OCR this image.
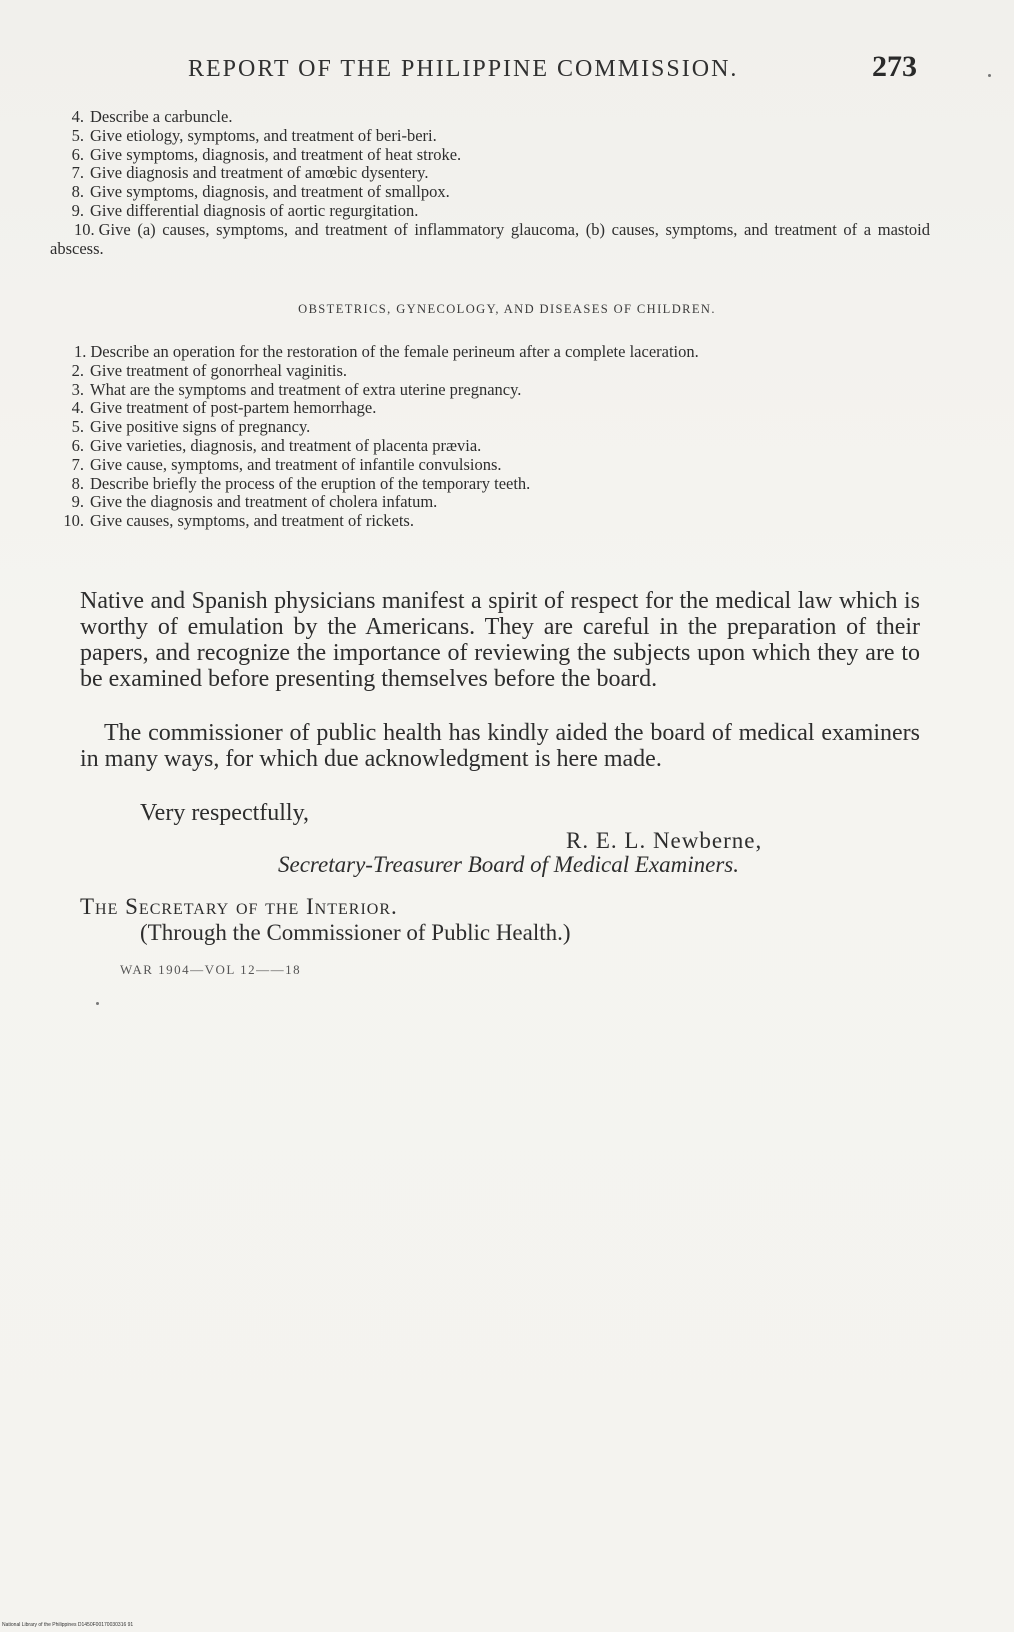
REPORT OF THE PHILIPPINE COMMISSION.	273
4. Describe a carbuncle.
5. Give etiology, symptoms, and treatment of beri-beri.
6. Give symptoms, diagnosis, and treatment of heat stroke.
7. Give diagnosis and treatment of amœbic dysentery.
8. Give symptoms, diagnosis, and treatment of smallpox.
9. Give differential diagnosis of aortic regurgitation.
10. Give (a) causes, symptoms, and treatment of inflammatory glaucoma, (b) causes, symptoms, and treatment of a mastoid abscess.
OBSTETRICS, GYNECOLOGY, AND DISEASES OF CHILDREN.
1. Describe an operation for the restoration of the female perineum after a complete laceration.
2. Give treatment of gonorrheal vaginitis.
3. What are the symptoms and treatment of extra uterine pregnancy.
4. Give treatment of post-partem hemorrhage.
5. Give positive signs of pregnancy.
6. Give varieties, diagnosis, and treatment of placenta prævia.
7. Give cause, symptoms, and treatment of infantile convulsions.
8. Describe briefly the process of the eruption of the temporary teeth.
9. Give the diagnosis and treatment of cholera infatum.
10. Give causes, symptoms, and treatment of rickets.
Native and Spanish physicians manifest a spirit of respect for the medical law which is worthy of emulation by the Americans. They are careful in the preparation of their papers, and recognize the importance of reviewing the subjects upon which they are to be examined before presenting themselves before the board.
The commissioner of public health has kindly aided the board of medical examiners in many ways, for which due acknowledgment is here made.
Very respectfully,
R. E. L. Newberne,
Secretary-Treasurer Board of Medical Examiners.
The Secretary of the Interior.
(Through the Commissioner of Public Health.)
WAR 1904—VOL 12——18
National Library of the Philippines D1450F00170030316 91
